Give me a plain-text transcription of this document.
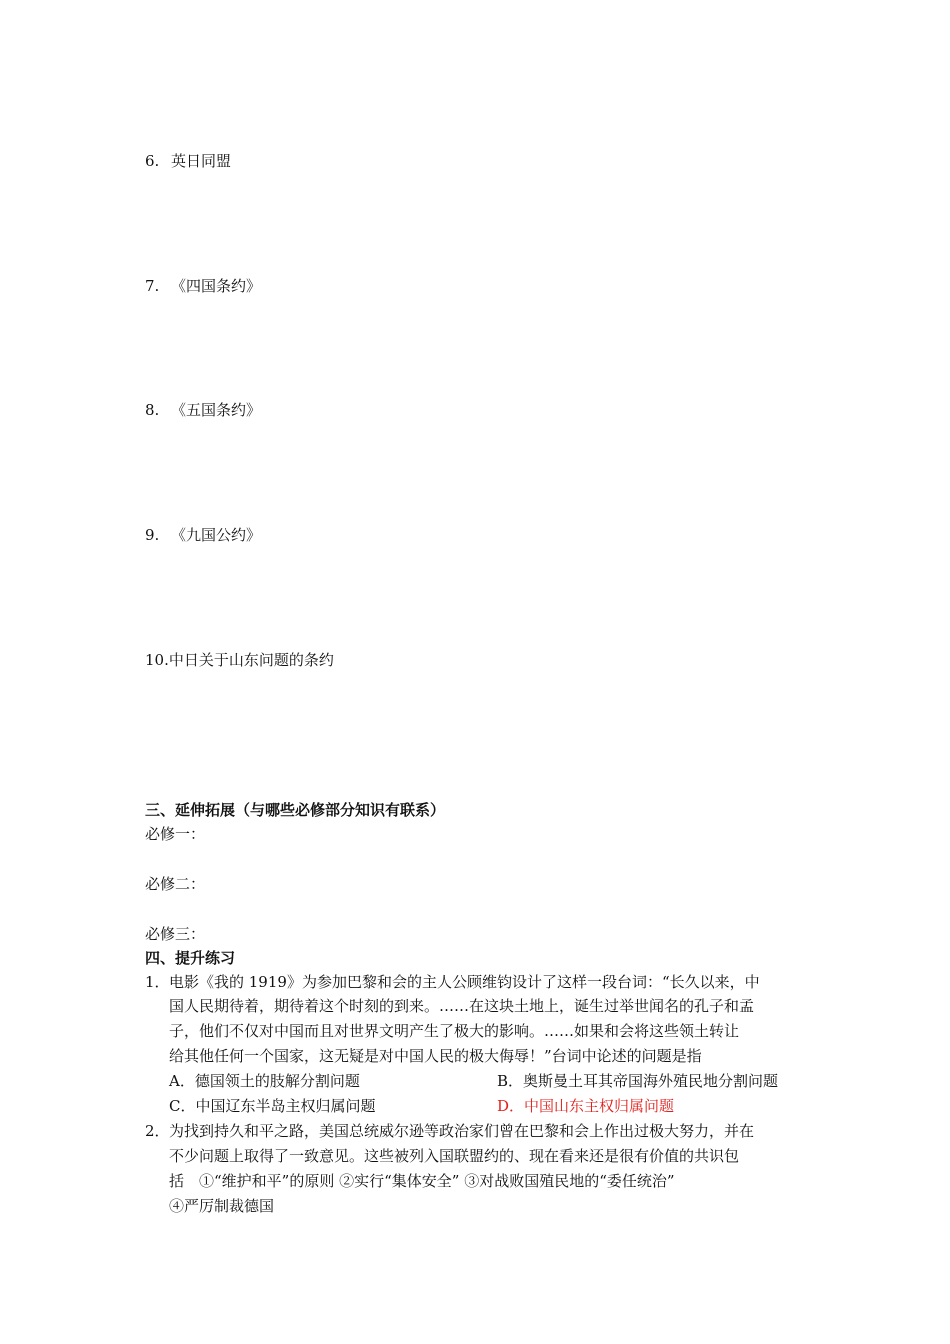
6. 英日同盟
7. 《四国条约》
8. 《五国条约》
9. 《九国公约》
10.中日关于山东问题的条约
三、延伸拓展（与哪些必修部分知识有联系）
必修一：
必修二：
必修三：
四、提升练习
1． 电影《我的 1919》为参加巴黎和会的主人公顾维钧设计了这样一段台词：“长久以来，中
国人民期待着，期待着这个时刻的到来。……在这块土地上，诞生过举世闻名的孔子和孟
子，他们不仅对中国而且对世界文明产生了极大的影响。……如果和会将这些领土转让
给其他任何一个国家，这无疑是对中国人民的极大侮辱！”台词中论述的问题是指
A．德国领土的肢解分割问题	B．奥斯曼土耳其帝国海外殖民地分割问题
C．中国辽东半岛主权归属问题	D．中国山东主权归属问题
2． 为找到持久和平之路，美国总统威尔逊等政治家们曾在巴黎和会上作出过极大努力，并在
不少问题上取得了一致意见。这些被列入国联盟约的、现在看来还是很有价值的共识包
括　①“维护和平”的原则 ②实行“集体安全” ③对战败国殖民地的“委任统治”
④严厉制裁德国
